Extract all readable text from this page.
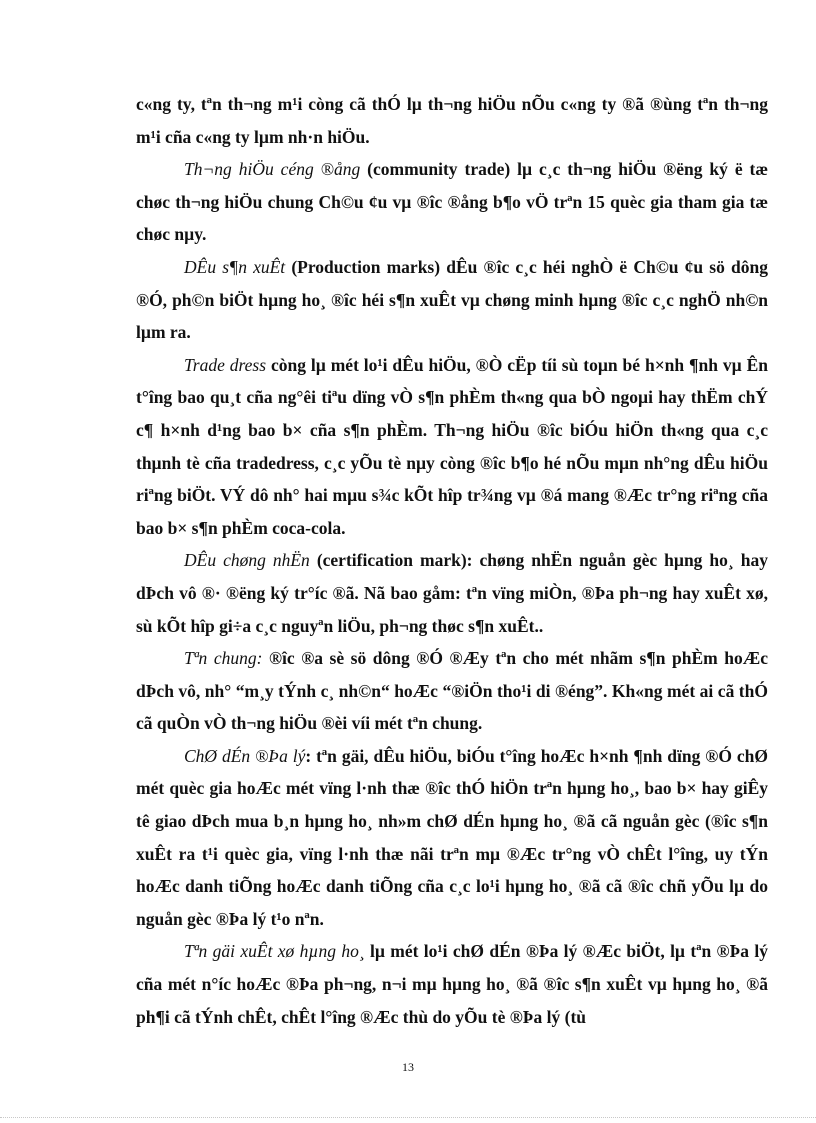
c«ng ty, tªn th¬ng m¹i còng cã thÓ lµ th¬ng hiÖu nÕu c«ng ty ®ã ®ùng tªn th¬ng m¹i cña c«ng ty lµm nh·n hiÖu.

Th¬ng hiÖu céng ®ång (community trade) lµ c¸c th¬ng hiÖu ®ëng ký ë tæ chøc th¬ng hiÖu chung Ch©u ¢u vµ ®îc ®ång b¶o vÖ trªn 15 quèc gia tham gia tæ chøc nµy.

DÊu s¶n xuÊt (Production marks) dÊu ®îc c¸c héi nghÒ ë Ch©u ¢u sö dông ®Ó, ph©n biÖt hµng ho¸ ®îc héi s¶n xuÊt vµ chøng minh hµng ®îc c¸c nghÖ nh©n lµm ra.

Trade dress còng lµ mét lo¹i dÊu hiÖu, ®Ò cËp tíi sù toµn bé h×nh ¶nh vµ Ên t°îng bao qu¸t cña ng°êi tiªu dïng vÒ s¶n phÈm th«ng qua bÒ ngoµi hay thËm chÝ c¶ h×nh d¹ng bao b× cña s¶n phÈm. Th¬ng hiÖu ®îc biÓu hiÖn th«ng qua c¸c thµnh tè cña tradedress, c¸c yÕu tè nµy còng ®îc b¶o hé nÕu mµn nh°ng dÊu hiÖu riªng biÖt. VÝ dô nh° hai mµu s¾c kÕt hîp tr¾ng vµ ®á mang ®Æc tr°ng riªng cña bao b× s¶n phÈm coca-cola.

DÊu chøng nhËn (certification mark): chøng nhËn nguån gèc hµng ho¸ hay dÞch vô ®· ®ëng ký tr°íc ®ã. Nã bao gåm: tªn vïng miÒn, ®Þa ph¬ng hay xuÊt xø, sù kÕt hîp gi÷a c¸c nguyªn liÖu, ph¬ng thøc s¶n xuÊt..

Tªn chung: ®îc ®a sè sö dông ®Ó ®Æy tªn cho mét nhãm s¶n phÈm hoÆc dÞch vô, nh° “m¸y tÝnh c¸ nh©n“ hoÆc “®iÖn tho¹i di ®éng”. Kh«ng mét ai cã thÓ cã quÒn vÒ th¬ng hiÖu ®èi víi mét tªn chung.

ChØ dÉn ®Þa lý: tªn gäi, dÊu hiÖu, biÓu t°îng hoÆc h×nh ¶nh dïng ®Ó chØ mét quèc gia hoÆc mét vïng l·nh thæ ®îc thÓ hiÖn trªn hµng ho¸, bao b× hay giÊy tê giao dÞch mua b¸n hµng ho¸ nh»m chØ dÉn hµng ho¸ ®ã cã nguån gèc (®îc s¶n xuÊt ra t¹i quèc gia, vïng l·nh thæ nãi trªn mµ ®Æc tr°ng vÒ chÊt l°îng, uy tÝn hoÆc danh tiÕng hoÆc danh tiÕng cña c¸c lo¹i hµng ho¸ ®ã cã ®îc chñ yÕu lµ do nguån gèc ®Þa lý t¹o nªn.

Tªn gäi xuÊt xø hµng ho¸ lµ mét lo¹i chØ dÉn ®Þa lý ®Æc biÖt, lµ tªn ®Þa lý cña mét n°íc hoÆc ®Þa ph¬ng, n¬i mµ hµng ho¸ ®ã ®îc s¶n xuÊt vµ hµng ho¸ ®ã ph¶i cã tÝnh chÊt, chÊt l°îng ®Æc thù do yÕu tè ®Þa lý (tù

13
